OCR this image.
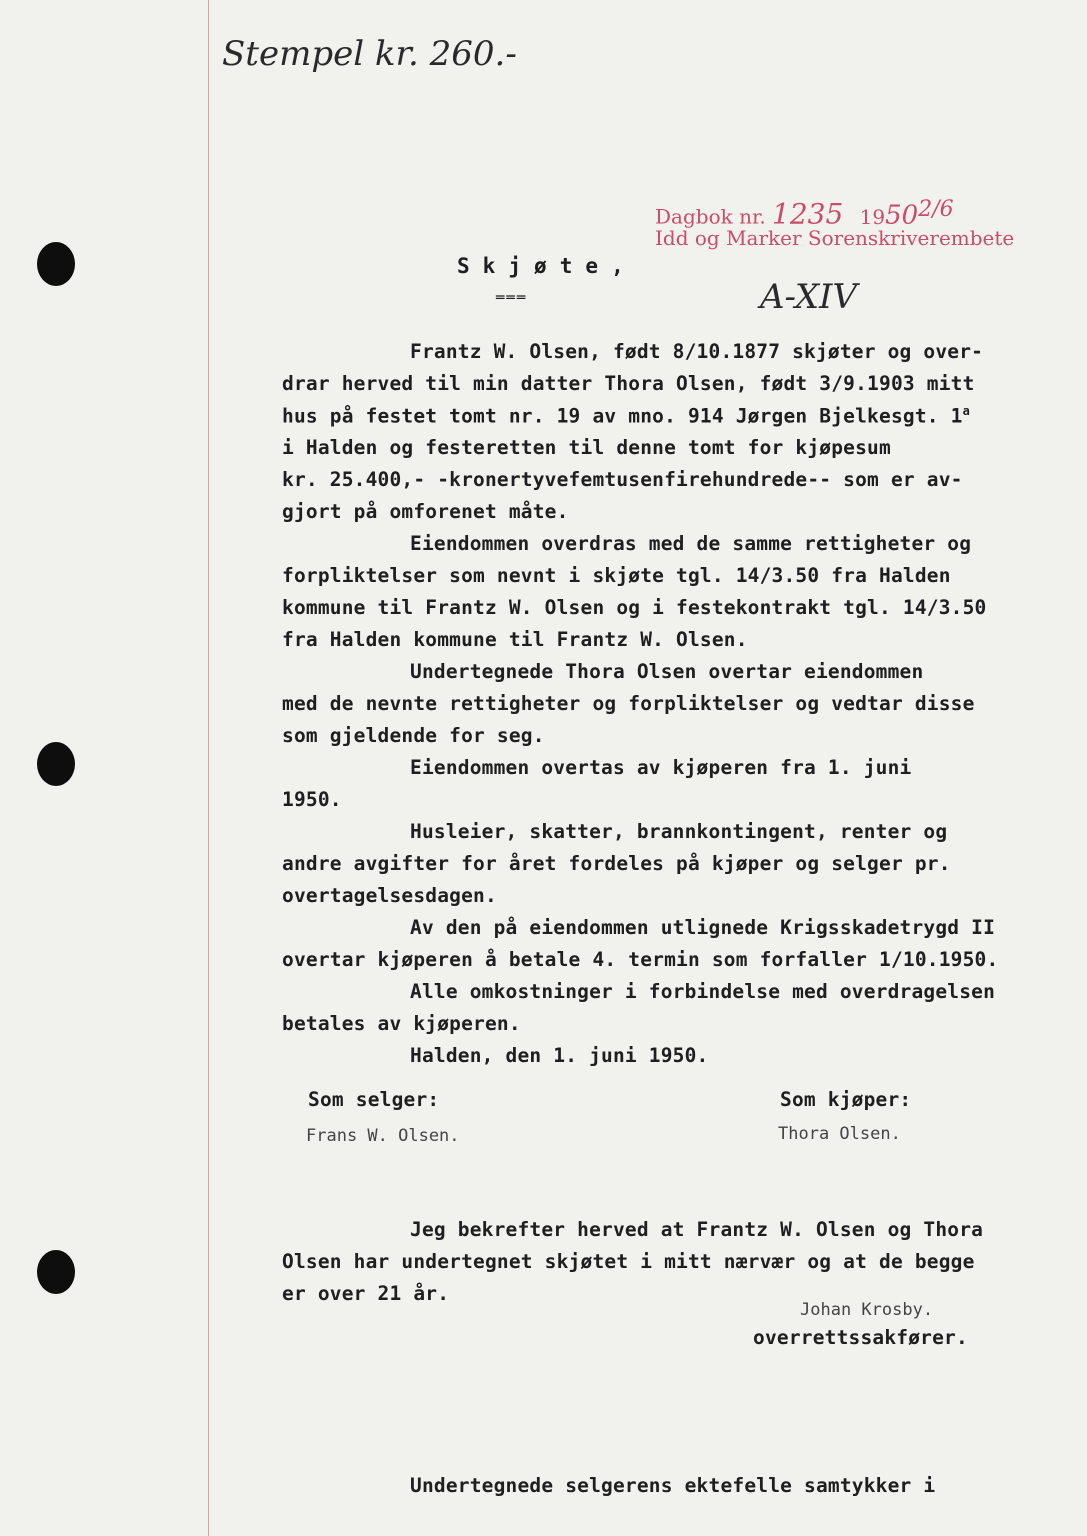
Stempel kr. 260.-
Dagbok nr. 1235 $1950^{2/6}$
Idd og Marker Sorenskriverembete
A-XIV
S k j ø t e ,
═══
Frantz W. Olsen, født 8/10.1877 skjøter og over-
drar herved til min datter Thora Olsen, født 3/9.1903 mitt
hus på festet tomt nr. 19 av mno. 914 Jørgen Bjelkesgt. 1$^a$
i Halden og festeretten til denne tomt for kjøpesum
kr. 25.400,- -kronertyvefemtusenfirehundrede-- som er av-
gjort på omforenet måte.
Eiendommen overdras med de samme rettigheter og
forpliktelser som nevnt i skjøte tgl. 14/3.50 fra Halden
kommune til Frantz W. Olsen og i festekontrakt tgl. 14/3.50
fra Halden kommune til Frantz W. Olsen.
Undertegnede Thora Olsen overtar eiendommen
med de nevnte rettigheter og forpliktelser og vedtar disse
som gjeldende for seg.
Eiendommen overtas av kjøperen fra 1. juni
1950.
Husleier, skatter, brannkontingent, renter og
andre avgifter for året fordeles på kjøper og selger pr.
overtagelsesdagen.
Av den på eiendommen utlignede Krigsskadetrygd II
overtar kjøperen å betale 4. termin som forfaller 1/10.1950.
Alle omkostninger i forbindelse med overdragelsen
betales av kjøperen.
Halden, den 1. juni 1950.
Som selger:
Frans W. Olsen.
Som kjøper:
Thora Olsen.
Jeg bekrefter herved at Frantz W. Olsen og Thora
Olsen har undertegnet skjøtet i mitt nærvær og at de begge
er over 21 år.
Johan Krosby.
overrettssakfører.
Undertegnede selgerens ektefelle samtykker i
